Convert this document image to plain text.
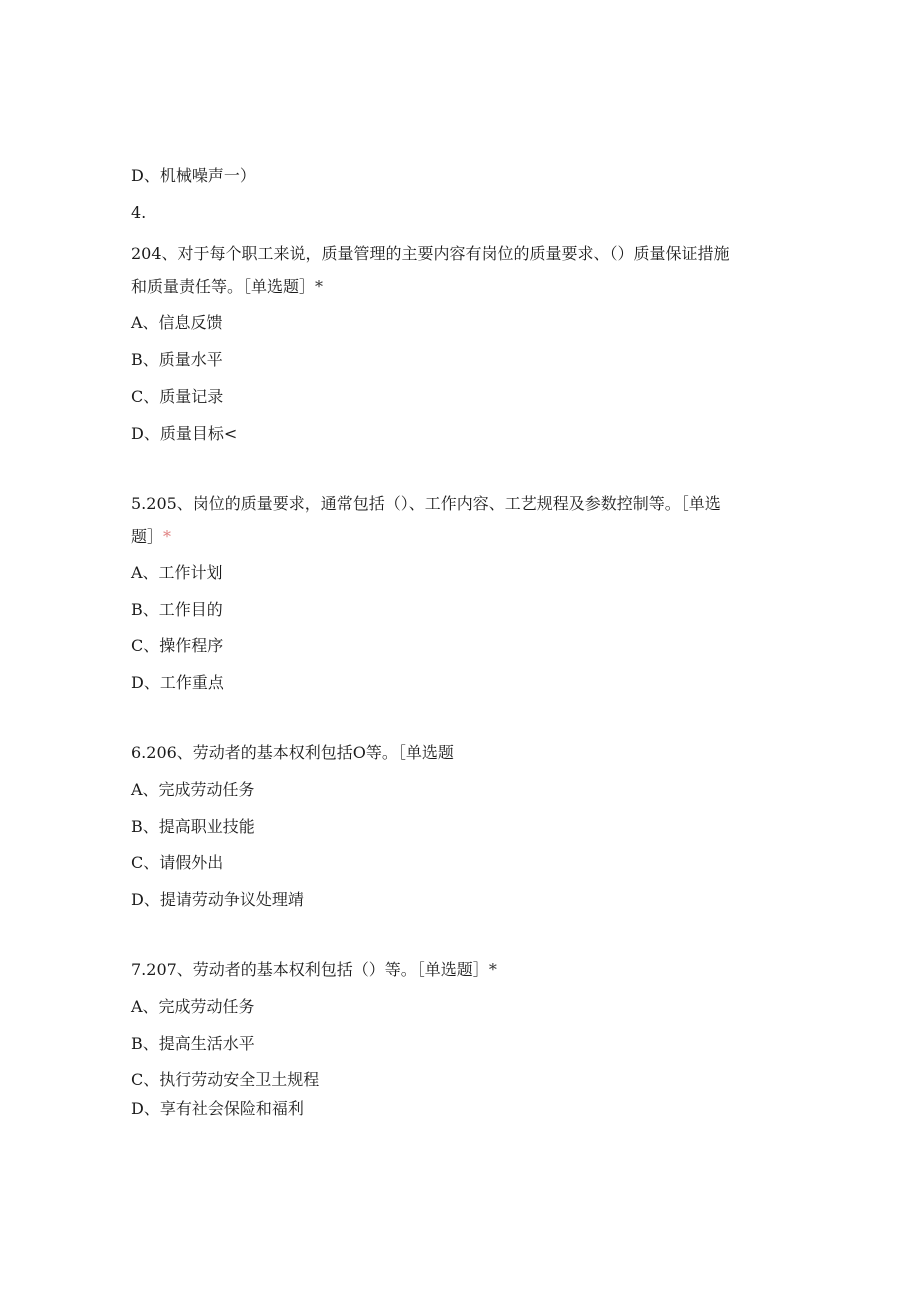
D、机械噪声一）

4.

204、对于每个职工来说，质量管理的主要内容有岗位的质量要求、（）质量保证措施

和质量责任等。［单选题］*

A、信息反馈

B、质量水平

C、质量记录

D、质量目标<

5.205、岗位的质量要求，通常包括（）、工作内容、工艺规程及参数控制等。［单选

题］*

A、工作计划

B、工作目的

C、操作程序

D、工作重点

6.206、劳动者的基本权利包括O等。［单选题

A、完成劳动任务

B、提高职业技能

C、请假外出

D、提请劳动争议处理靖

7.207、劳动者的基本权利包括（）等。［单选题］*

A、完成劳动任务

B、提高生活水平

C、执行劳动安全卫土规程

D、享有社会保险和福利
